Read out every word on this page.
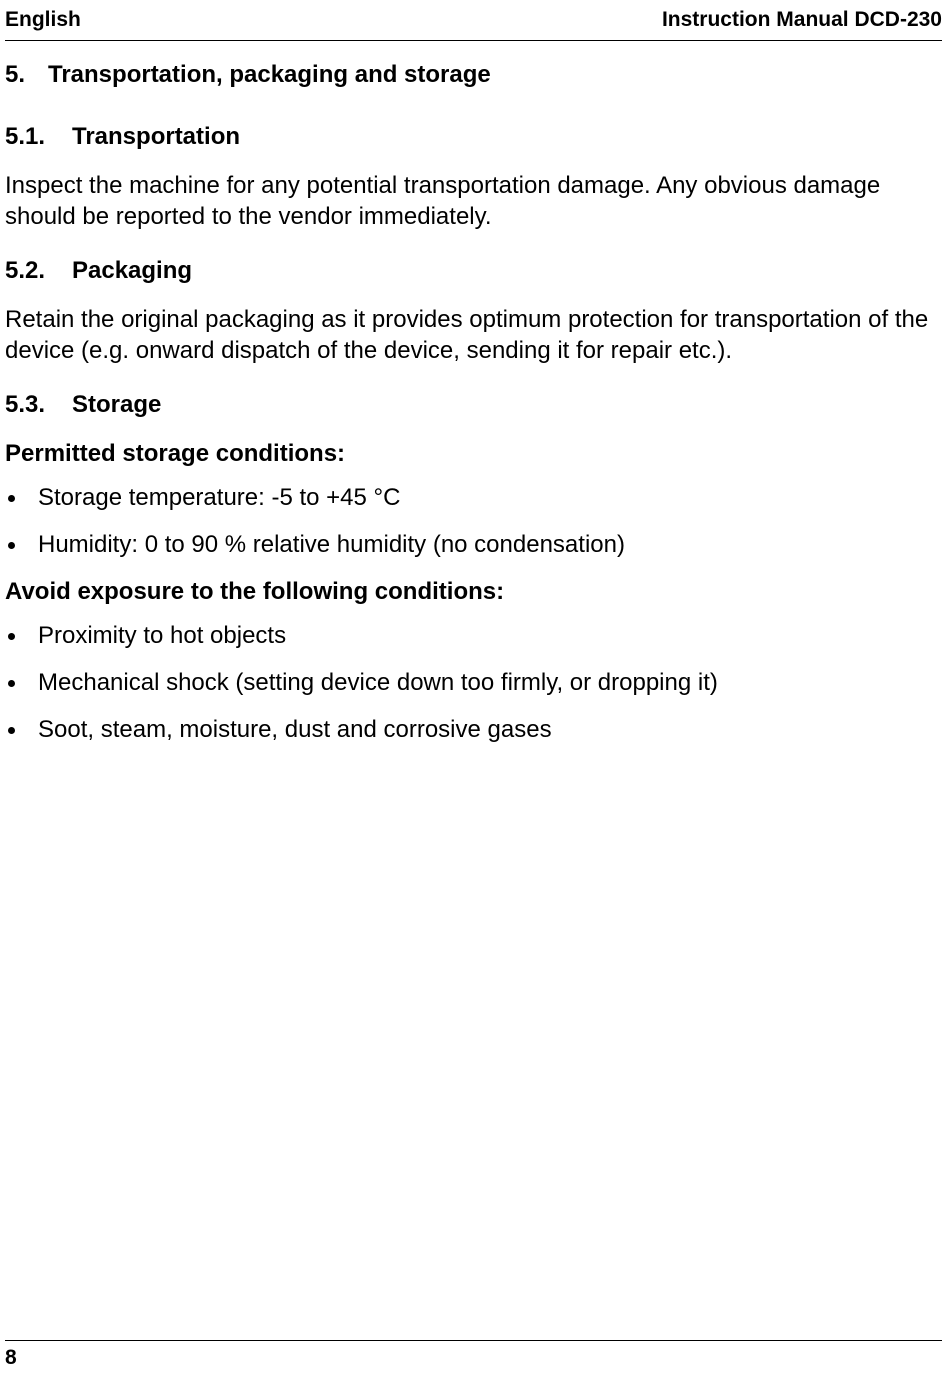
English	Instruction Manual DCD-230
5. Transportation, packaging and storage
5.1.	Transportation

Inspect the machine for any potential transportation damage. Any obvious damage should be reported to the vendor immediately.

5.2.	Packaging

Retain the original packaging as it provides optimum protection for transportation of the device (e.g. onward dispatch of the device, sending it for repair etc.).

5.3.	Storage
Permitted storage conditions:
Storage temperature: -5 to +45 °C
Humidity: 0 to 90 % relative humidity (no condensation)
Avoid exposure to the following conditions:
Proximity to hot objects
Mechanical shock (setting device down too firmly, or dropping it)
Soot, steam, moisture, dust and corrosive gases
8
